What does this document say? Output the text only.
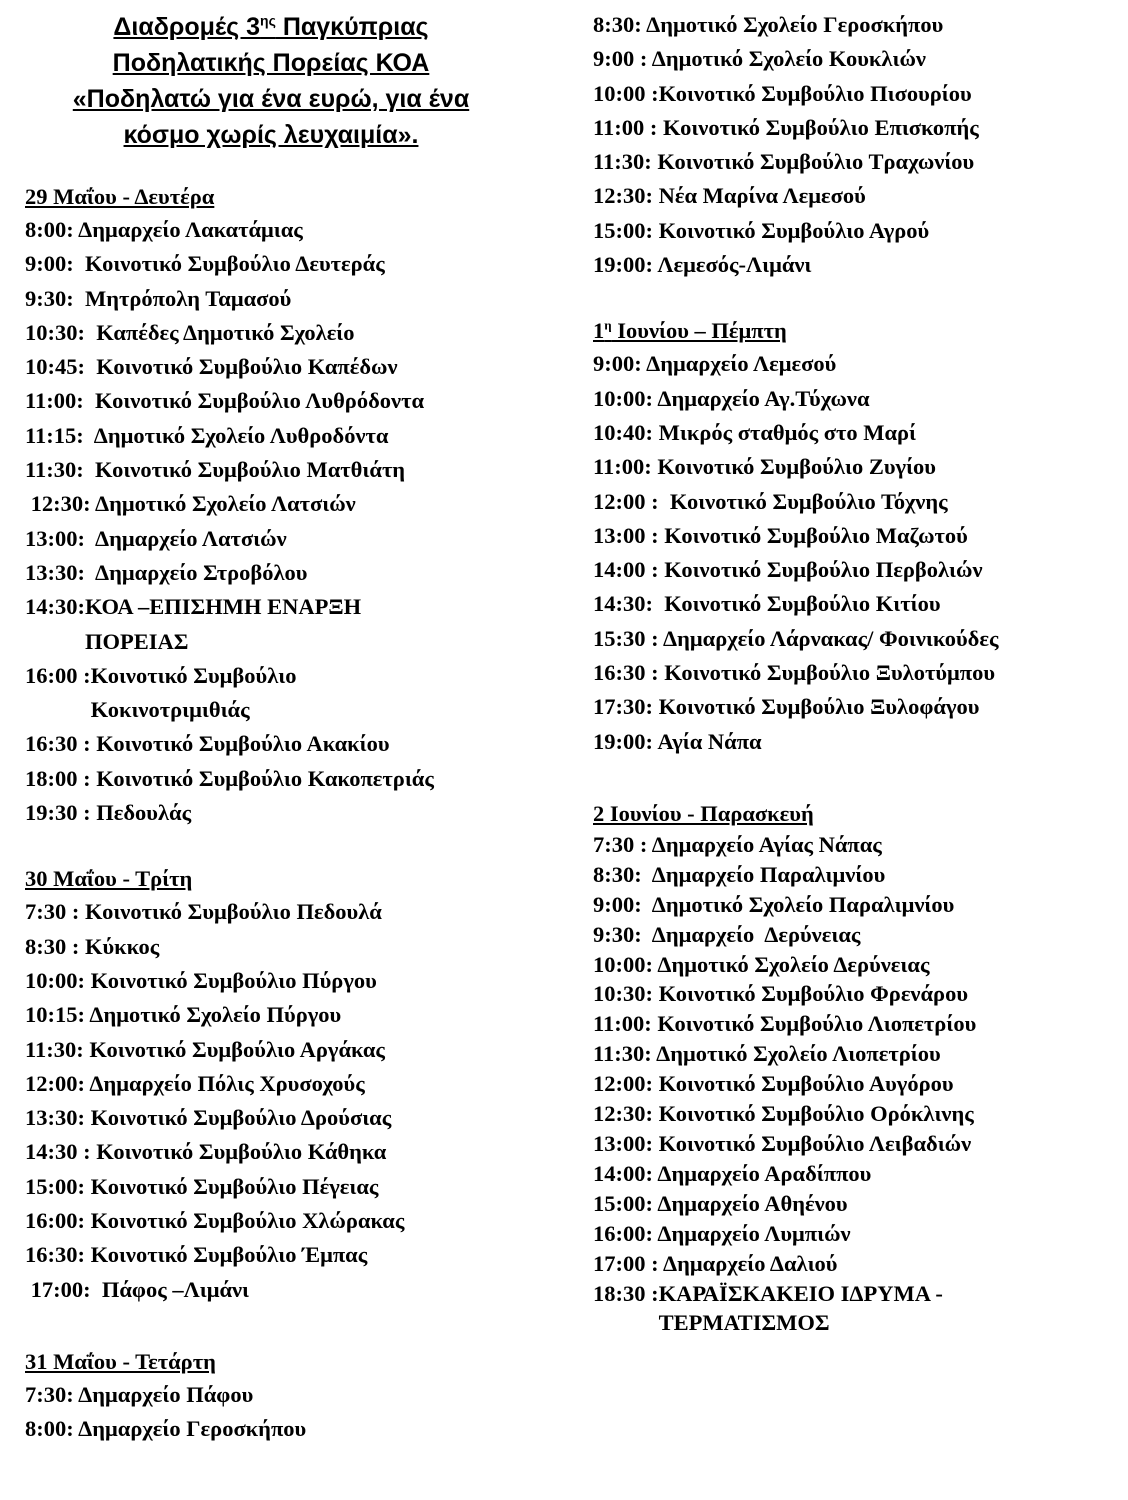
Διαδρομές $3^{\eta\varsigma}$ Παγκύπριας
Ποδηλατικής Πορείας ΚΟΑ
«Ποδηλατώ για ένα ευρώ, για ένα
κόσμο χωρίς λευχαιμία».
29 Μαΐου - Δευτέρα
8:00: Δημαρχείο Λακατάμιας
9:00:  Κοινοτικό Συμβούλιο Δευτεράς
9:30:  Μητρόπολη Ταμασού
10:30:  Καπέδες Δημοτικό Σχολείο
10:45:  Κοινοτικό Συμβούλιο Καπέδων
11:00:  Κοινοτικό Συμβούλιο Λυθρόδοντα
11:15:  Δημοτικό Σχολείο Λυθροδόντα
11:30:  Κοινοτικό Συμβούλιο Ματθιάτη
12:30: Δημοτικό Σχολείο Λατσιών
13:00:  Δημαρχείο Λατσιών
13:30:  Δημαρχείο Στροβόλου
14:30:ΚΟΑ –ΕΠΙΣΗΜΗ ΕΝΑΡΞΗ
ΠΟΡΕΙΑΣ
16:00 :Κοινοτικό Συμβούλιο
Κοκινοτριμιθιάς
16:30 : Κοινοτικό Συμβούλιο Ακακίου
18:00 : Κοινοτικό Συμβούλιο Κακοπετριάς
19:30 : Πεδουλάς
30 Μαΐου - Τρίτη
7:30 : Κοινοτικό Συμβούλιο Πεδουλά
8:30 : Κύκκος
10:00: Κοινοτικό Συμβούλιο Πύργου
10:15: Δημοτικό Σχολείο Πύργου
11:30: Κοινοτικό Συμβούλιο Αργάκας
12:00: Δημαρχείο Πόλις Χρυσοχούς
13:30: Κοινοτικό Συμβούλιο Δρούσιας
14:30 : Κοινοτικό Συμβούλιο Κάθηκα
15:00: Κοινοτικό Συμβούλιο Πέγειας
16:00: Κοινοτικό Συμβούλιο Χλώρακας
16:30: Κοινοτικό Συμβούλιο Έμπας
17:00:  Πάφος –Λιμάνι
31 Μαΐου - Τετάρτη
7:30: Δημαρχείο Πάφου
8:00: Δημαρχείο Γεροσκήπου
8:30: Δημοτικό Σχολείο Γεροσκήπου
9:00 : Δημοτικό Σχολείο Κουκλιών
10:00 :Κοινοτικό Συμβούλιο Πισουρίου
11:00 : Κοινοτικό Συμβούλιο Επισκοπής
11:30: Κοινοτικό Συμβούλιο Τραχωνίου
12:30: Νέα Μαρίνα Λεμεσού
15:00: Κοινοτικό Συμβούλιο Αγρού
19:00: Λεμεσός-Λιμάνι
$1^\eta$ Ιουνίου – Πέμπτη
9:00: Δημαρχείο Λεμεσού
10:00: Δημαρχείο Αγ.Τύχωνα
10:40: Μικρός σταθμός στο Μαρί
11:00: Κοινοτικό Συμβούλιο Ζυγίου
12:00 :  Κοινοτικό Συμβούλιο Τόχνης
13:00 : Κοινοτικό Συμβούλιο Μαζωτού
14:00 : Κοινοτικό Συμβούλιο Περβολιών
14:30:  Κοινοτικό Συμβούλιο Κιτίου
15:30 : Δημαρχείο Λάρνακας/ Φοινικούδες
16:30 : Κοινοτικό Συμβούλιο Ξυλοτύμπου
17:30: Κοινοτικό Συμβούλιο Ξυλοφάγου
19:00: Αγία Νάπα
2 Ιουνίου - Παρασκευή
7:30 : Δημαρχείο Αγίας Νάπας
8:30:  Δημαρχείο Παραλιμνίου
9:00:  Δημοτικό Σχολείο Παραλιμνίου
9:30:  Δημαρχείο  Δερύνειας
10:00: Δημοτικό Σχολείο Δερύνειας
10:30: Κοινοτικό Συμβούλιο Φρενάρου
11:00: Κοινοτικό Συμβούλιο Λιοπετρίου
11:30: Δημοτικό Σχολείο Λιοπετρίου
12:00: Κοινοτικό Συμβούλιο Αυγόρου
12:30: Κοινοτικό Συμβούλιο Ορόκλινης
13:00: Κοινοτικό Συμβούλιο Λειβαδιών
14:00: Δημαρχείο Αραδίππου
15:00: Δημαρχείο Αθηένου
16:00: Δημαρχείο Λυμπιών
17:00 : Δημαρχείο Δαλιού
18:30 :ΚΑΡΑΪΣΚΑΚΕΙΟ ΙΔΡΥΜΑ -
ΤΕΡΜΑΤΙΣΜΟΣ
